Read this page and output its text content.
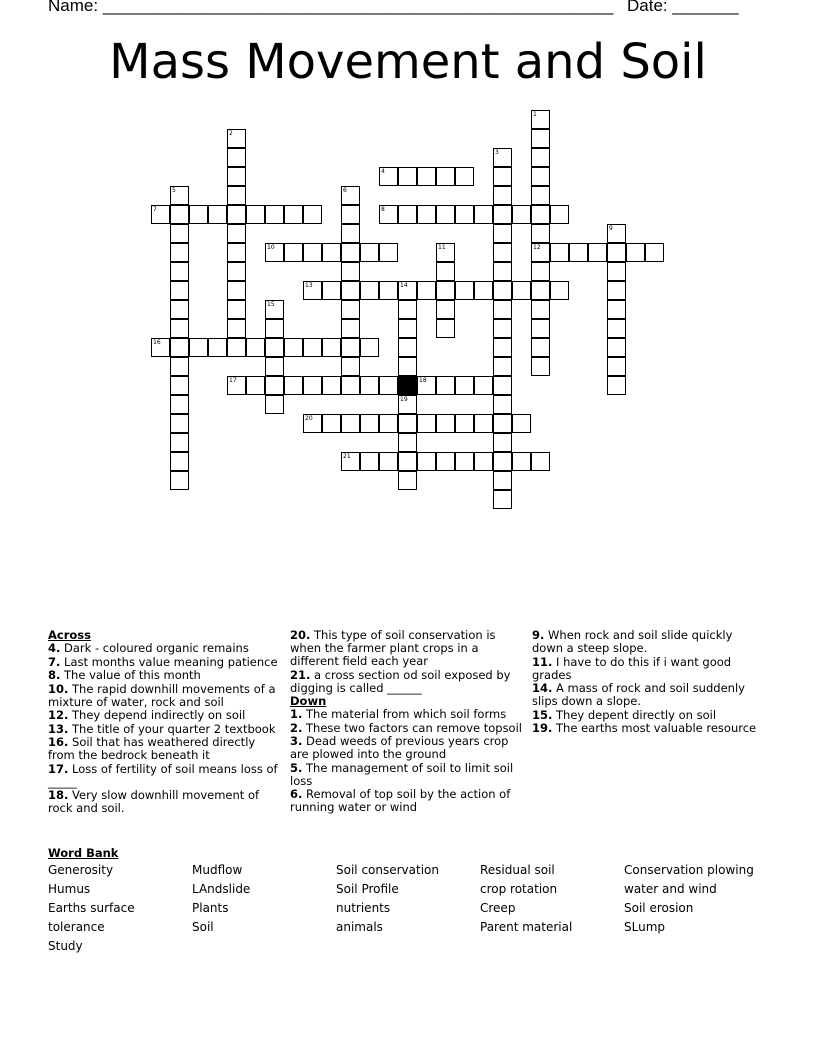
Name: ______________________________________________________ Date: _______
Mass Movement and Soil
1
2
3
4
5	6
7	8
9
10	11	12
13	14
15
16
17	18
19
20
21
Across
4. Dark - coloured organic remains
7. Last months value meaning patience
8. The value of this month
10. The rapid downhill movements of a mixture of water, rock and soil
12. They depend indirectly on soil
13. The title of your quarter 2 textbook
16. Soil that has weathered directly from the bedrock beneath it
17. Loss of fertility of soil means loss of _____
18. Very slow downhill movement of rock and soil.
20. This type of soil conservation is when the farmer plant crops in a different field each year
21. a cross section od soil exposed by digging is called ______
Down
1. The material from which soil forms
2. These two factors can remove topsoil
3. Dead weeds of previous years crop are plowed into the ground
5. The management of soil to limit soil loss
6. Removal of top soil by the action of running water or wind
9. When rock and soil slide quickly down a steep slope.
11. I have to do this if i want good grades
14. A mass of rock and soil suddenly slips down a slope.
15. They depent directly on soil
19. The earths most valuable resource
Word Bank
Generosity	Mudflow	Soil conservation	Residual soil	Conservation plowing
Humus	LAndslide	Soil Profile	crop rotation	water and wind
Earths surface	Plants	nutrients	Creep	Soil erosion
tolerance	Soil	animals	Parent material	SLump
Study
